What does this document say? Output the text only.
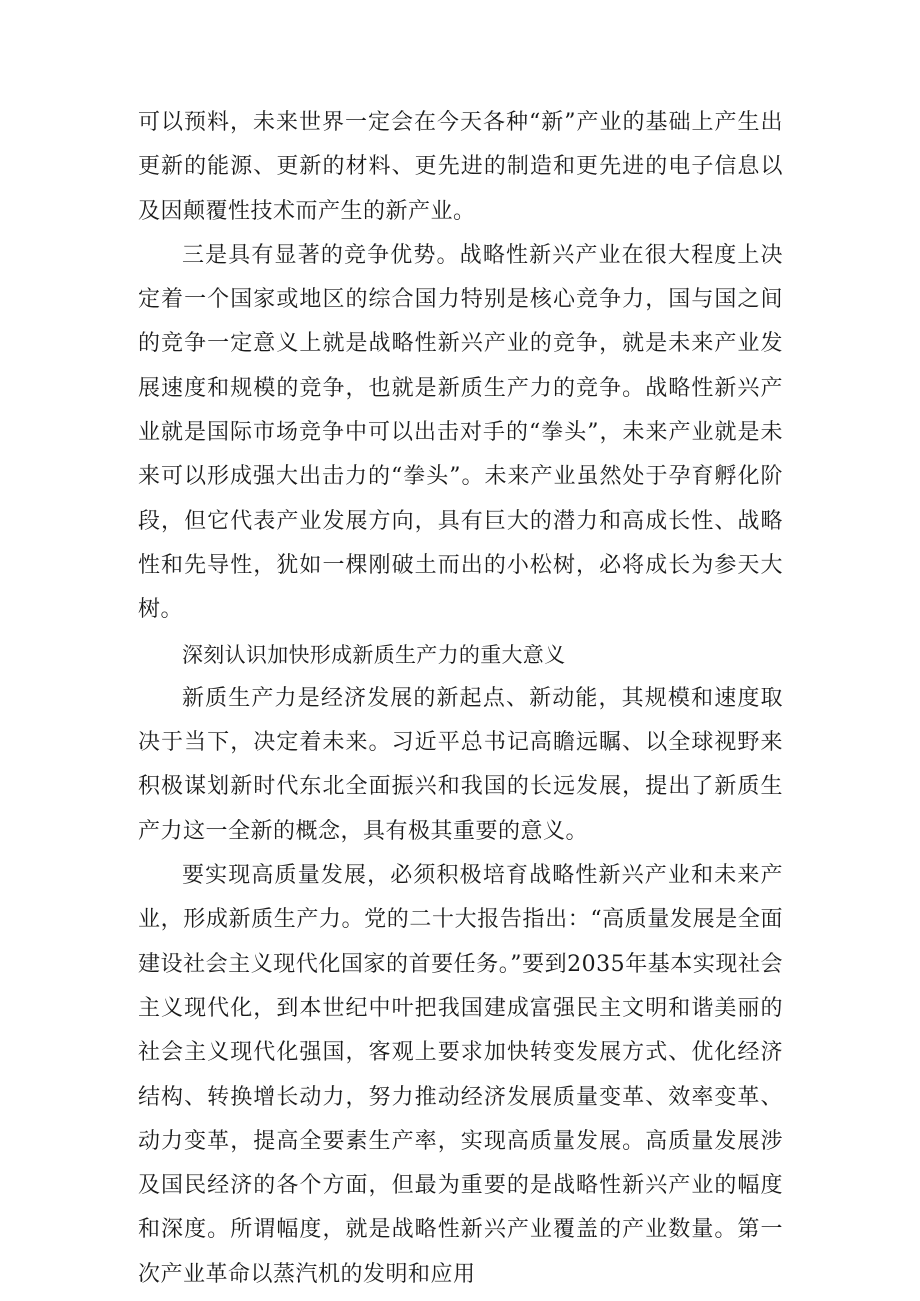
可以预料，未来世界一定会在今天各种“新”产业的基础上产生出更新的能源、更新的材料、更先进的制造和更先进的电子信息以及因颠覆性技术而产生的新产业。

三是具有显著的竞争优势。战略性新兴产业在很大程度上决定着一个国家或地区的综合国力特别是核心竞争力，国与国之间的竞争一定意义上就是战略性新兴产业的竞争，就是未来产业发展速度和规模的竞争，也就是新质生产力的竞争。战略性新兴产业就是国际市场竞争中可以出击对手的“拳头”，未来产业就是未来可以形成强大出击力的“拳头”。未来产业虽然处于孕育孵化阶段，但它代表产业发展方向，具有巨大的潜力和高成长性、战略性和先导性，犹如一棵刚破土而出的小松树，必将成长为参天大树。

深刻认识加快形成新质生产力的重大意义

新质生产力是经济发展的新起点、新动能，其规模和速度取决于当下，决定着未来。习近平总书记高瞻远瞩、以全球视野来积极谋划新时代东北全面振兴和我国的长远发展，提出了新质生产力这一全新的概念，具有极其重要的意义。

要实现高质量发展，必须积极培育战略性新兴产业和未来产业，形成新质生产力。党的二十大报告指出：“高质量发展是全面建设社会主义现代化国家的首要任务。”要到2035年基本实现社会主义现代化，到本世纪中叶把我国建成富强民主文明和谐美丽的社会主义现代化强国，客观上要求加快转变发展方式、优化经济结构、转换增长动力，努力推动经济发展质量变革、效率变革、动力变革，提高全要素生产率，实现高质量发展。高质量发展涉及国民经济的各个方面，但最为重要的是战略性新兴产业的幅度和深度。所谓幅度，就是战略性新兴产业覆盖的产业数量。第一次产业革命以蒸汽机的发明和应用
